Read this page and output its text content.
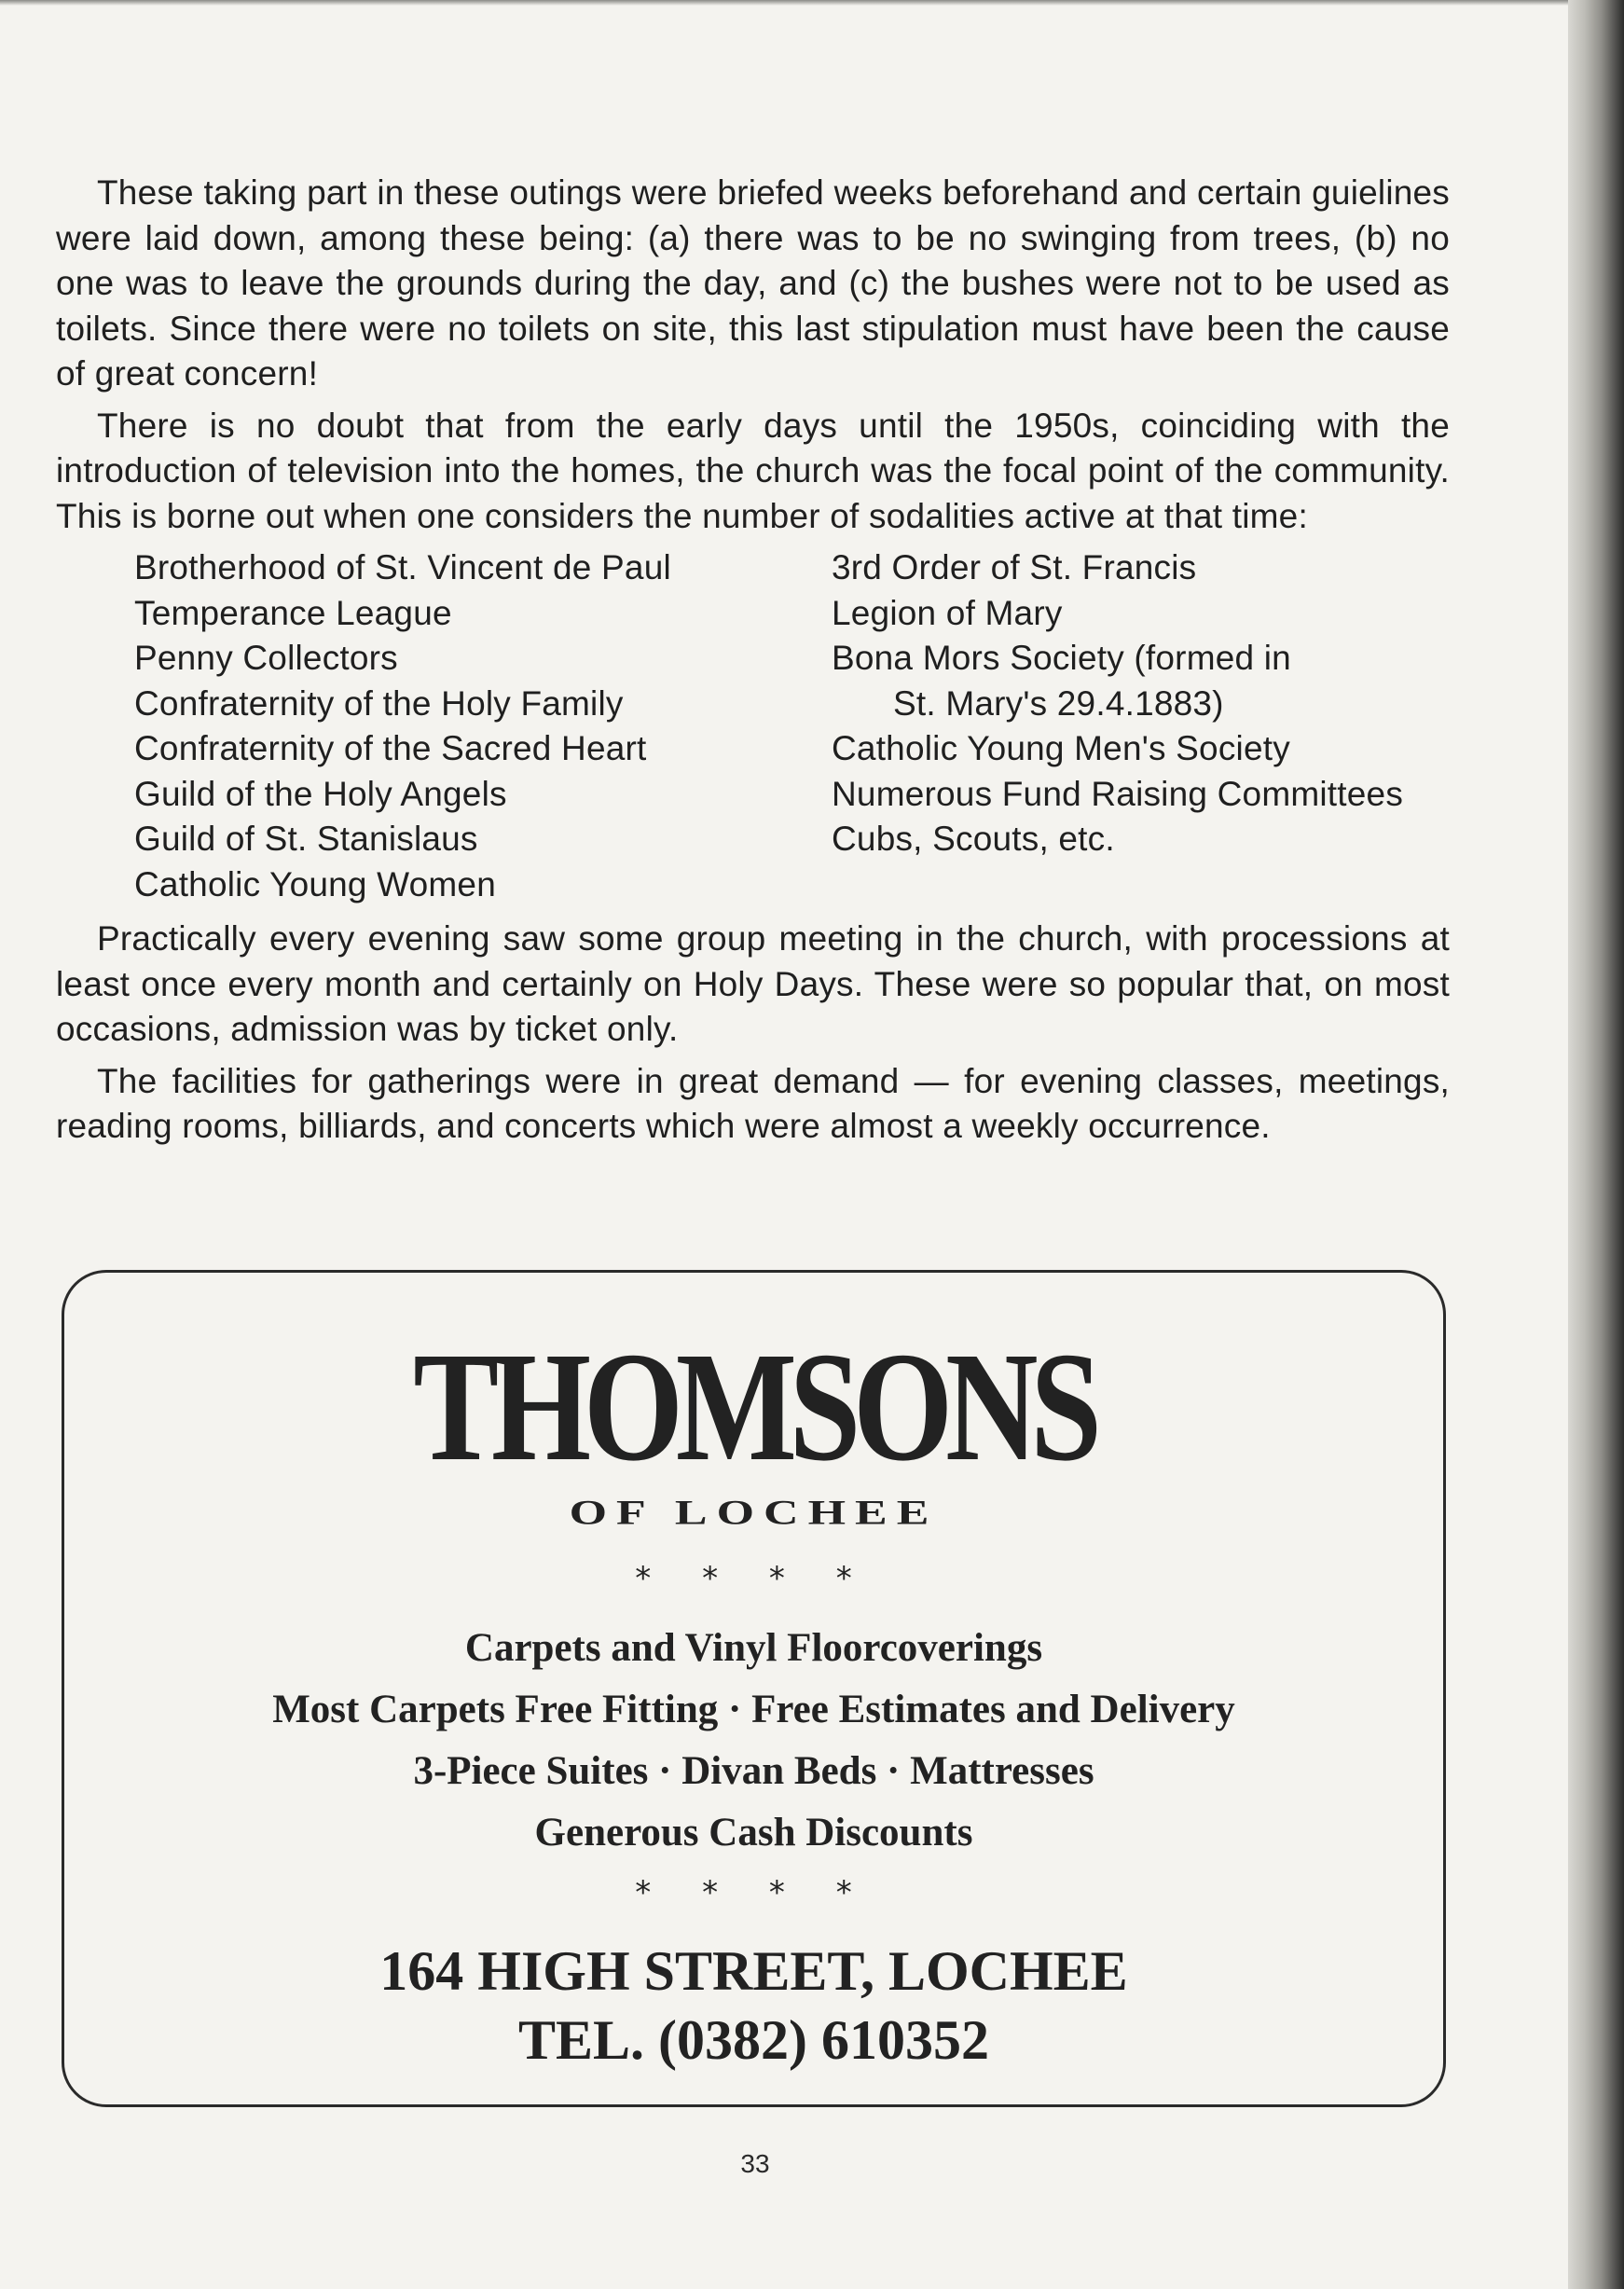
These taking part in these outings were briefed weeks beforehand and certain guielines were laid down, among these being: (a) there was to be no swinging from trees, (b) no one was to leave the grounds during the day, and (c) the bushes were not to be used as toilets. Since there were no toilets on site, this last stipulation must have been the cause of great concern!

There is no doubt that from the early days until the 1950s, coinciding with the introduction of television into the homes, the church was the focal point of the community. This is borne out when one considers the number of sodalities active at that time:

Brotherhood of St. Vincent de Paul
Temperance League
Penny Collectors
Confraternity of the Holy Family
Confraternity of the Sacred Heart
Guild of the Holy Angels
Guild of St. Stanislaus
Catholic Young Women
3rd Order of St. Francis
Legion of Mary
Bona Mors Society (formed in
St. Mary's 29.4.1883)
Catholic Young Men's Society
Numerous Fund Raising Committees
Cubs, Scouts, etc.

Practically every evening saw some group meeting in the church, with processions at least once every month and certainly on Holy Days. These were so popular that, on most occasions, admission was by ticket only.

The facilities for gatherings were in great demand — for evening classes, meetings, reading rooms, billiards, and concerts which were almost a weekly occurrence.

THOMSONS
OF LOCHEE
* * * *
Carpets and Vinyl Floorcoverings
Most Carpets Free Fitting · Free Estimates and Delivery
3-Piece Suites · Divan Beds · Mattresses
Generous Cash Discounts
* * * *
164 HIGH STREET, LOCHEE
TEL. (0382) 610352
33
